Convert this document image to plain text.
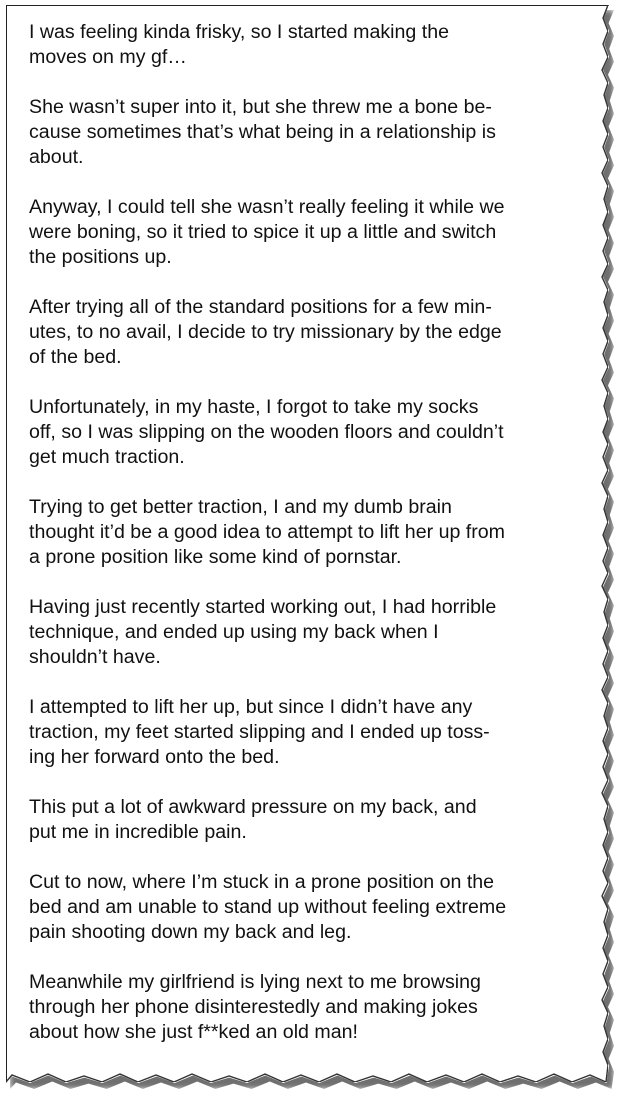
I was feeling kinda frisky, so I started making the
moves on my gf…

She wasn’t super into it, but she threw me a bone be-
cause sometimes that’s what being in a relationship is
about.

Anyway, I could tell she wasn’t really feeling it while we
were boning, so it tried to spice it up a little and switch
the positions up.

After trying all of the standard positions for a few min-
utes, to no avail, I decide to try missionary by the edge
of the bed.

Unfortunately, in my haste, I forgot to take my socks
off, so I was slipping on the wooden floors and couldn’t
get much traction.

Trying to get better traction, I and my dumb brain
thought it’d be a good idea to attempt to lift her up from
a prone position like some kind of pornstar.

Having just recently started working out, I had horrible
technique, and ended up using my back when I
shouldn’t have.

I attempted to lift her up, but since I didn’t have any
traction, my feet started slipping and I ended up toss-
ing her forward onto the bed.

This put a lot of awkward pressure on my back, and
put me in incredible pain.

Cut to now, where I’m stuck in a prone position on the
bed and am unable to stand up without feeling extreme
pain shooting down my back and leg.

Meanwhile my girlfriend is lying next to me browsing
through her phone disinterestedly and making jokes
about how she just f**ked an old man!
